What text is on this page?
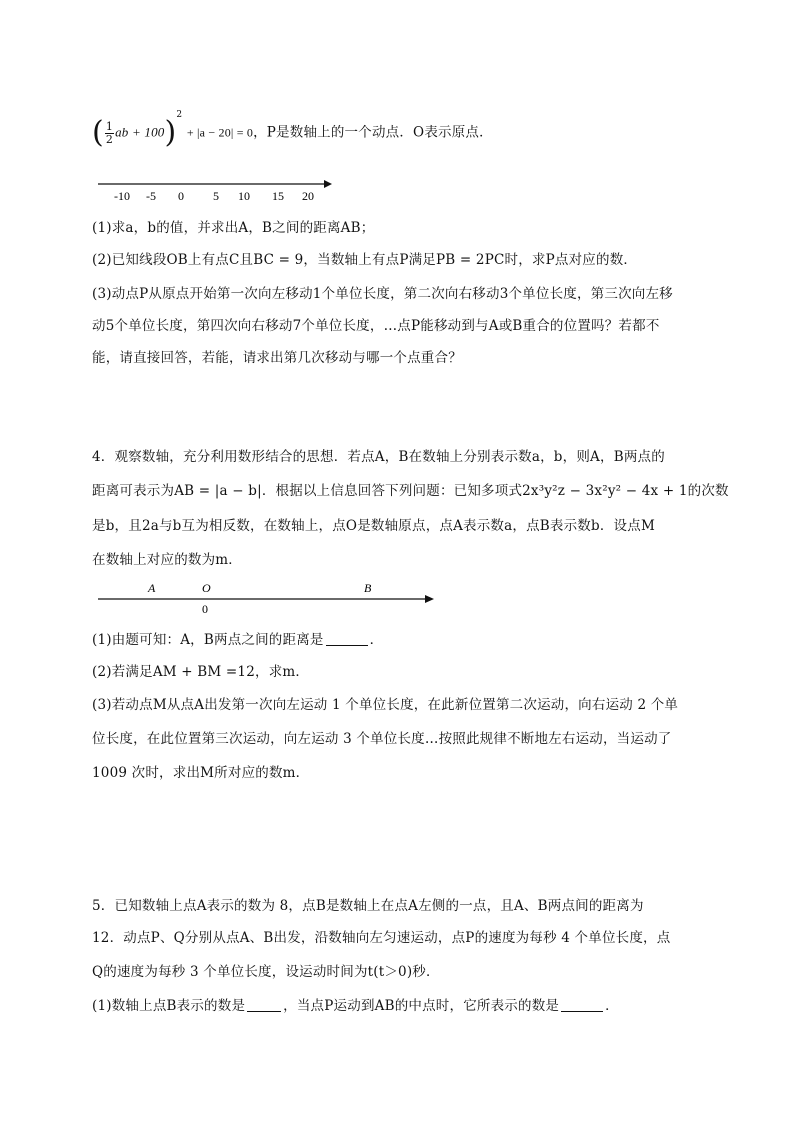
( $\frac{1}{2}$ ab + 100)$^2$ + |a − 20| = 0，P是数轴上的一个动点．O表示原点．
-10 -5 0 5 10 15 20
(1)求a，b的值，并求出A，B之间的距离AB；
(2)已知线段OB上有点C且BC = 9，当数轴上有点P满足PB = 2PC时，求P点对应的数．
(3)动点P从原点开始第一次向左移动1个单位长度，第二次向右移动3个单位长度，第三次向左移
动5个单位长度，第四次向右移动7个单位长度，…点P能移动到与A或B重合的位置吗？若都不
能，请直接回答，若能，请求出第几次移动与哪一个点重合？
4．观察数轴，充分利用数形结合的思想．若点A，B在数轴上分别表示数a，b，则A，B两点的
距离可表示为AB = |a − b|．根据以上信息回答下列问题：已知多项式2x³y²z − 3x²y² − 4x + 1的次数
是b，且2a与b互为相反数，在数轴上，点O是数轴原点，点A表示数a，点B表示数b．设点M
在数轴上对应的数为m．
A	O	B
0
(1)由题可知：A，B两点之间的距离是	．
(2)若满足AM + BM =12，求m．
(3)若动点M从点A出发第一次向左运动 1 个单位长度，在此新位置第二次运动，向右运动 2 个单
位长度，在此位置第三次运动，向左运动 3 个单位长度…按照此规律不断地左右运动，当运动了
1009 次时，求出M所对应的数m．
5．已知数轴上点A表示的数为 8，点B是数轴上在点A左侧的一点，且A、B两点间的距离为
12．动点P、Q分别从点A、B出发，沿数轴向左匀速运动，点P的速度为每秒 4 个单位长度，点
Q的速度为每秒 3 个单位长度，设运动时间为t(t＞0)秒．
(1)数轴上点B表示的数是	，当点P运动到AB的中点时，它所表示的数是	．
